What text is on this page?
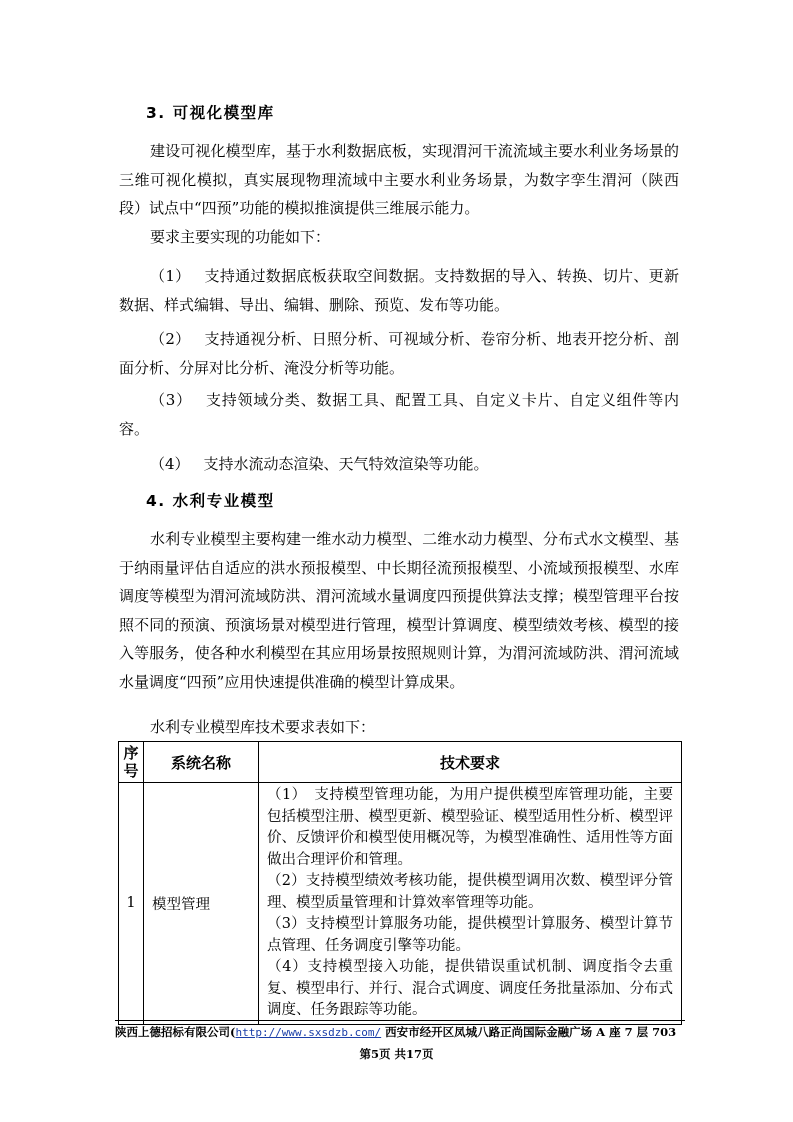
3. 可视化模型库

建设可视化模型库，基于水利数据底板，实现渭河干流流域主要水利业务场景的三维可视化模拟，真实展现物理流域中主要水利业务场景，为数字孪生渭河（陕西段）试点中“四预”功能的模拟推演提供三维展示能力。

要求主要实现的功能如下：

（1） 支持通过数据底板获取空间数据。支持数据的导入、转换、切片、更新数据、样式编辑、导出、编辑、删除、预览、发布等功能。

（2） 支持通视分析、日照分析、可视域分析、卷帘分析、地表开挖分析、剖面分析、分屏对比分析、淹没分析等功能。

（3） 支持领域分类、数据工具、配置工具、自定义卡片、自定义组件等内容。

（4） 支持水流动态渲染、天气特效渲染等功能。

4. 水利专业模型

水利专业模型主要构建一维水动力模型、二维水动力模型、分布式水文模型、基于纳雨量评估自适应的洪水预报模型、中长期径流预报模型、小流域预报模型、水库调度等模型为渭河流域防洪、渭河流域水量调度四预提供算法支撑；模型管理平台按照不同的预演、预演场景对模型进行管理，模型计算调度、模型绩效考核、模型的接入等服务，使各种水利模型在其应用场景按照规则计算，为渭河流域防洪、渭河流域水量调度“四预”应用快速提供准确的模型计算成果。

水利专业模型库技术要求表如下：

序号	系统名称	技术要求
1	模型管理	（1）　支持模型管理功能，为用户提供模型库管理功能，主要包括模型注册、模型更新、模型验证、模型适用性分析、模型评价、反馈评价和模型使用概况等，为模型准确性、适用性等方面做出合理评价和管理。
（2）支持模型绩效考核功能，提供模型调用次数、模型评分管理、模型质量管理和计算效率管理等功能。
（3）支持模型计算服务功能，提供模型计算服务、模型计算节点管理、任务调度引擎等功能。
（4）支持模型接入功能，提供错误重试机制、调度指令去重复、模型串行、并行、混合式调度、调度任务批量添加、分布式调度、任务跟踪等功能。
陕西上德招标有限公司(http://www.sxsdzb.com/ 西安市经开区凤城八路正尚国际金融广场 A 座 7 层 703
第5页 共17页
